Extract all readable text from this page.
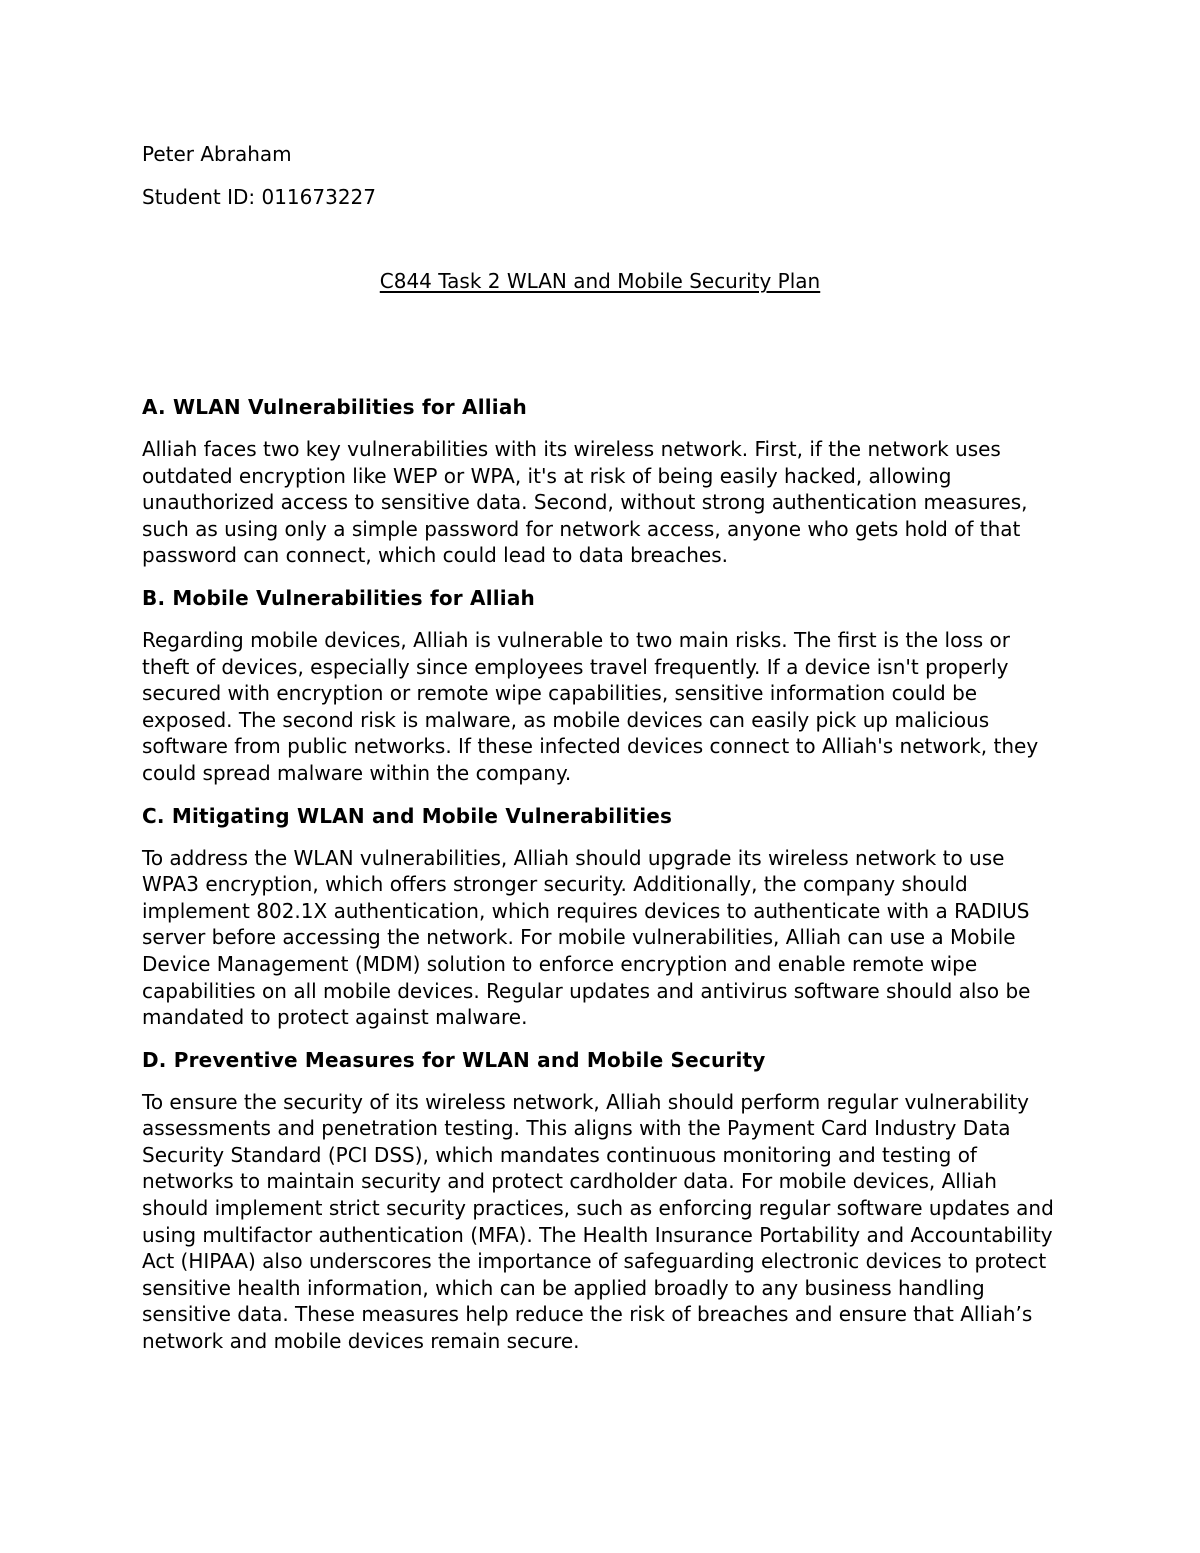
Peter Abraham
Student ID: 011673227
C844 Task 2 WLAN and Mobile Security Plan
A. WLAN Vulnerabilities for Alliah

Alliah faces two key vulnerabilities with its wireless network. First, if the network uses outdated encryption like WEP or WPA, it's at risk of being easily hacked, allowing unauthorized access to sensitive data. Second, without strong authentication measures, such as using only a simple password for network access, anyone who gets hold of that password can connect, which could lead to data breaches.

B. Mobile Vulnerabilities for Alliah

Regarding mobile devices, Alliah is vulnerable to two main risks. The first is the loss or theft of devices, especially since employees travel frequently. If a device isn't properly secured with encryption or remote wipe capabilities, sensitive information could be exposed. The second risk is malware, as mobile devices can easily pick up malicious software from public networks. If these infected devices connect to Alliah's network, they could spread malware within the company.

C. Mitigating WLAN and Mobile Vulnerabilities

To address the WLAN vulnerabilities, Alliah should upgrade its wireless network to use WPA3 encryption, which offers stronger security. Additionally, the company should implement 802.1X authentication, which requires devices to authenticate with a RADIUS server before accessing the network. For mobile vulnerabilities, Alliah can use a Mobile Device Management (MDM) solution to enforce encryption and enable remote wipe capabilities on all mobile devices. Regular updates and antivirus software should also be mandated to protect against malware.

D. Preventive Measures for WLAN and Mobile Security

To ensure the security of its wireless network, Alliah should perform regular vulnerability assessments and penetration testing. This aligns with the Payment Card Industry Data Security Standard (PCI DSS), which mandates continuous monitoring and testing of networks to maintain security and protect cardholder data. For mobile devices, Alliah should implement strict security practices, such as enforcing regular software updates and using multifactor authentication (MFA). The Health Insurance Portability and Accountability Act (HIPAA) also underscores the importance of safeguarding electronic devices to protect sensitive health information, which can be applied broadly to any business handling sensitive data. These measures help reduce the risk of breaches and ensure that Alliah’s network and mobile devices remain secure.
